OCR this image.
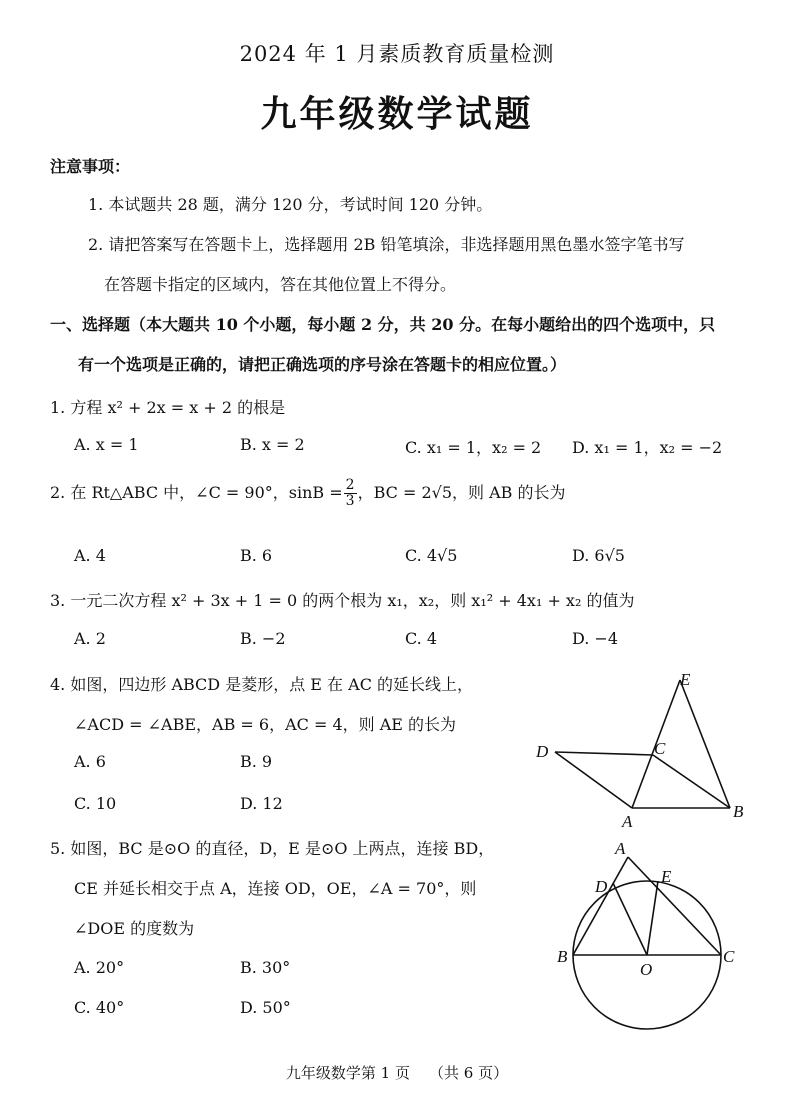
2024 年 1 月素质教育质量检测
九年级数学试题
注意事项：
1. 本试题共 28 题，满分 120 分，考试时间 120 分钟。
2. 请把答案写在答题卡上，选择题用 2B 铅笔填涂，非选择题用黑色墨水签字笔书写
在答题卡指定的区域内，答在其他位置上不得分。
一、选择题（本大题共 10 个小题，每小题 2 分，共 20 分。在每小题给出的四个选项中，只
有一个选项是正确的，请把正确选项的序号涂在答题卡的相应位置。）
1. 方程 x² + 2x = x + 2 的根是
A. x = 1	B. x = 2	C. x₁ = 1，x₂ = 2 D. x₁ = 1，x₂ = −2
2. 在 Rt△ABC 中，∠C = 90°，$\sin B = \frac{2}{3}$ ，BC = 2√5，则 AB 的长为
A. 4	B. 6	C. 4√5	D. 6√5
3. 一元二次方程 x² + 3x + 1 = 0 的两个根为 x₁，x₂，则 x₁² + 4x₁ + x₂ 的值为
A. 2	B. −2	C. 4	D. −4
4. 如图，四边形 ABCD 是菱形，点 E 在 AC 的延长线上，
∠ACD = ∠ABE，AB = 6，AC = 4，则 AE 的长为
A. 6	B. 9
C. 10	D. 12
E
D	C
A
B
5. 如图，BC 是⊙O 的直径，D，E 是⊙O 上两点，连接 BD，
CE 并延长相交于点 A，连接 OD，OE，∠A = 70°，则
∠DOE 的度数为
A. 20°	B. 30°
C. 40°	D. 50°
A
D
E
B
O
C
九年级数学第 1 页 （共 6 页）
